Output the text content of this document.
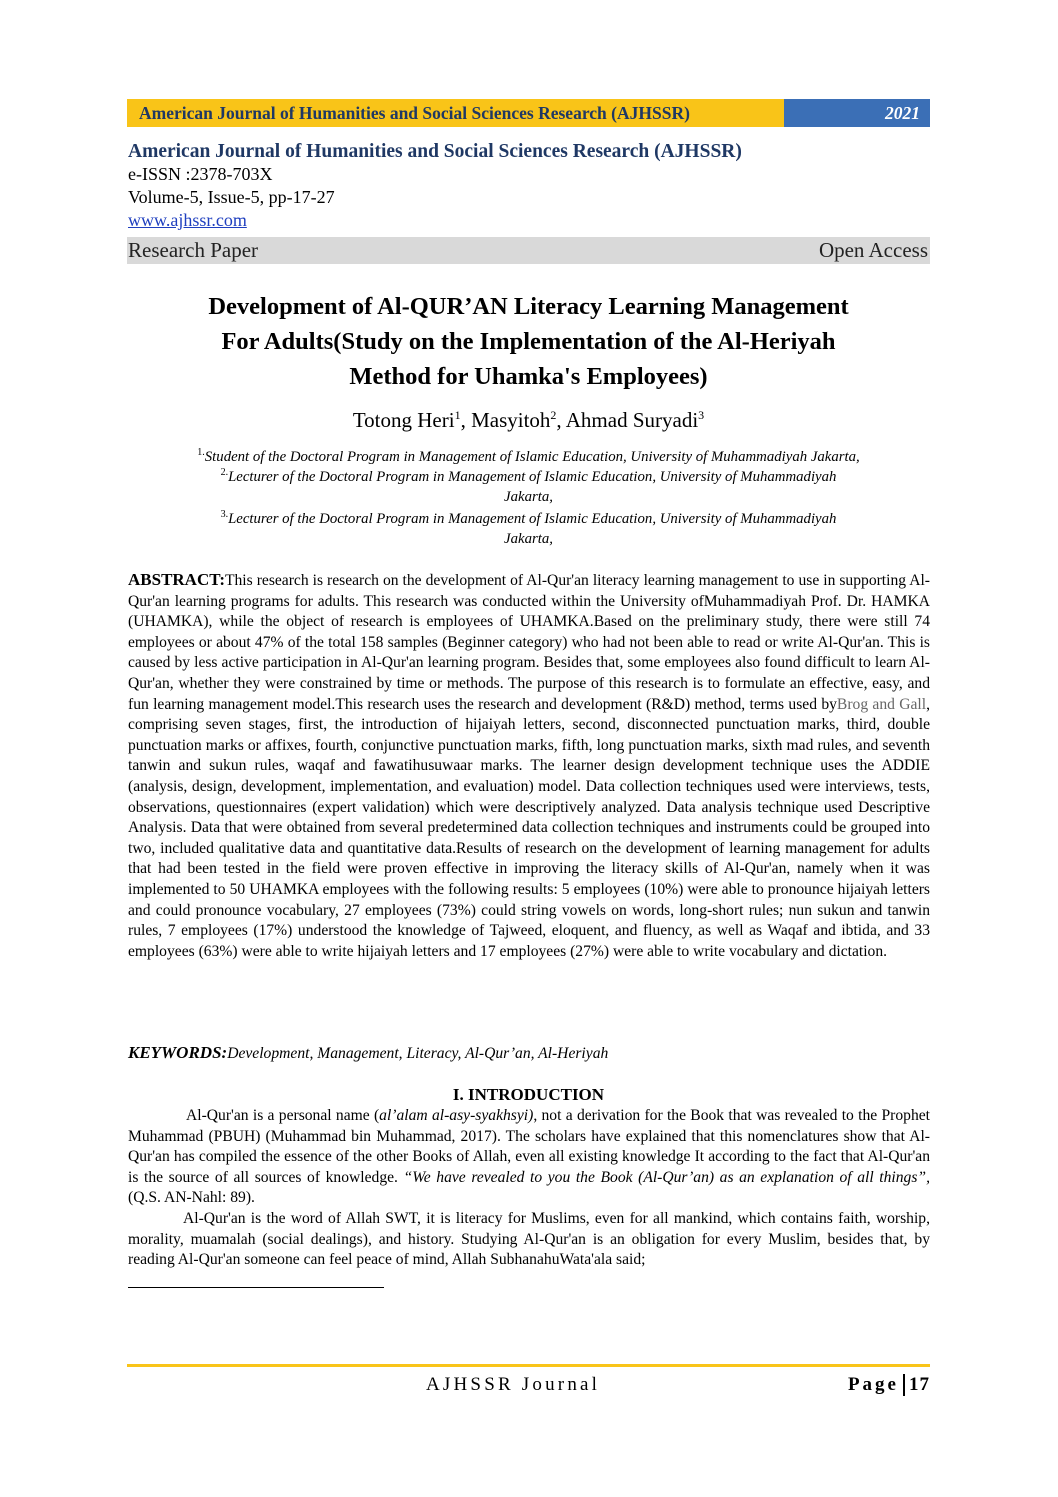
American Journal of Humanities and Social Sciences Research (AJHSSR)	2021
American Journal of Humanities and Social Sciences Research (AJHSSR)
e-ISSN :2378-703X
Volume-5, Issue-5, pp-17-27
www.ajhssr.com
Research Paper	Open Access
Development of Al-QUR’AN Literacy Learning Management
For Adults(Study on the Implementation of the Al-Heriyah
Method for Uhamka's Employees)
Totong Heri$^1$, Masyitoh$^2$, Ahmad Suryadi$^3$
$^{1.}$Student of the Doctoral Program in Management of Islamic Education, University of Muhammadiyah Jakarta,
$^{2.}$Lecturer of the Doctoral Program in Management of Islamic Education, University of Muhammadiyah
Jakarta,
$^{3.}$Lecturer of the Doctoral Program in Management of Islamic Education, University of Muhammadiyah
Jakarta,
ABSTRACT:This research is research on the development of Al-Qur'an literacy learning management to use in supporting Al-Qur'an learning programs for adults. This research was conducted within the University ofMuhammadiyah Prof. Dr. HAMKA (UHAMKA), while the object of research is employees of UHAMKA.Based on the preliminary study, there were still 74 employees or about 47% of the total 158 samples (Beginner category) who had not been able to read or write Al-Qur'an. This is caused by less active participation in Al-Qur'an learning program. Besides that, some employees also found difficult to learn Al-Qur'an, whether they were constrained by time or methods. The purpose of this research is to formulate an effective, easy, and fun learning management model.This research uses the research and development (R&D) method, terms used byBrog and Gall, comprising seven stages, first, the introduction of hijaiyah letters, second, disconnected punctuation marks, third, double punctuation marks or affixes, fourth, conjunctive punctuation marks, fifth, long punctuation marks, sixth mad rules, and seventh tanwin and sukun rules, waqaf and fawatihusuwaar marks. The learner design development technique uses the ADDIE (analysis, design, development, implementation, and evaluation) model. Data collection techniques used were interviews, tests, observations, questionnaires (expert validation) which were descriptively analyzed. Data analysis technique used Descriptive Analysis. Data that were obtained from several predetermined data collection techniques and instruments could be grouped into two, included qualitative data and quantitative data.Results of research on the development of learning management for adults that had been tested in the field were proven effective in improving the literacy skills of Al-Qur'an, namely when it was implemented to 50 UHAMKA employees with the following results: 5 employees (10%) were able to pronounce hijaiyah letters and could pronounce vocabulary, 27 employees (73%) could string vowels on words, long-short rules; nun sukun and tanwin rules, 7 employees (17%) understood the knowledge of Tajweed, eloquent, and fluency, as well as Waqaf and ibtida, and 33 employees (63%) were able to write hijaiyah letters and 17 employees (27%) were able to write vocabulary and dictation.
KEYWORDS:Development, Management, Literacy, Al-Qur’an, Al-Heriyah
I. INTRODUCTION

Al-Qur'an is a personal name (al’alam al-asy-syakhsyi), not a derivation for the Book that was revealed to the Prophet Muhammad (PBUH) (Muhammad bin Muhammad, 2017). The scholars have explained that this nomenclatures show that Al-Qur'an has compiled the essence of the other Books of Allah, even all existing knowledge It according to the fact that Al-Qur'an is the source of all sources of knowledge. “We have revealed to you the Book (Al-Qur’an) as an explanation of all things”, (Q.S. AN-Nahl: 89).

Al-Qur'an is the word of Allah SWT, it is literacy for Muslims, even for all mankind, which contains faith, worship, morality, muamalah (social dealings), and history. Studying Al-Qur'an is an obligation for every Muslim, besides that, by reading Al-Qur'an someone can feel peace of mind, Allah SubhanahuWata'ala said;

AJHSSR Journal	Page 17
